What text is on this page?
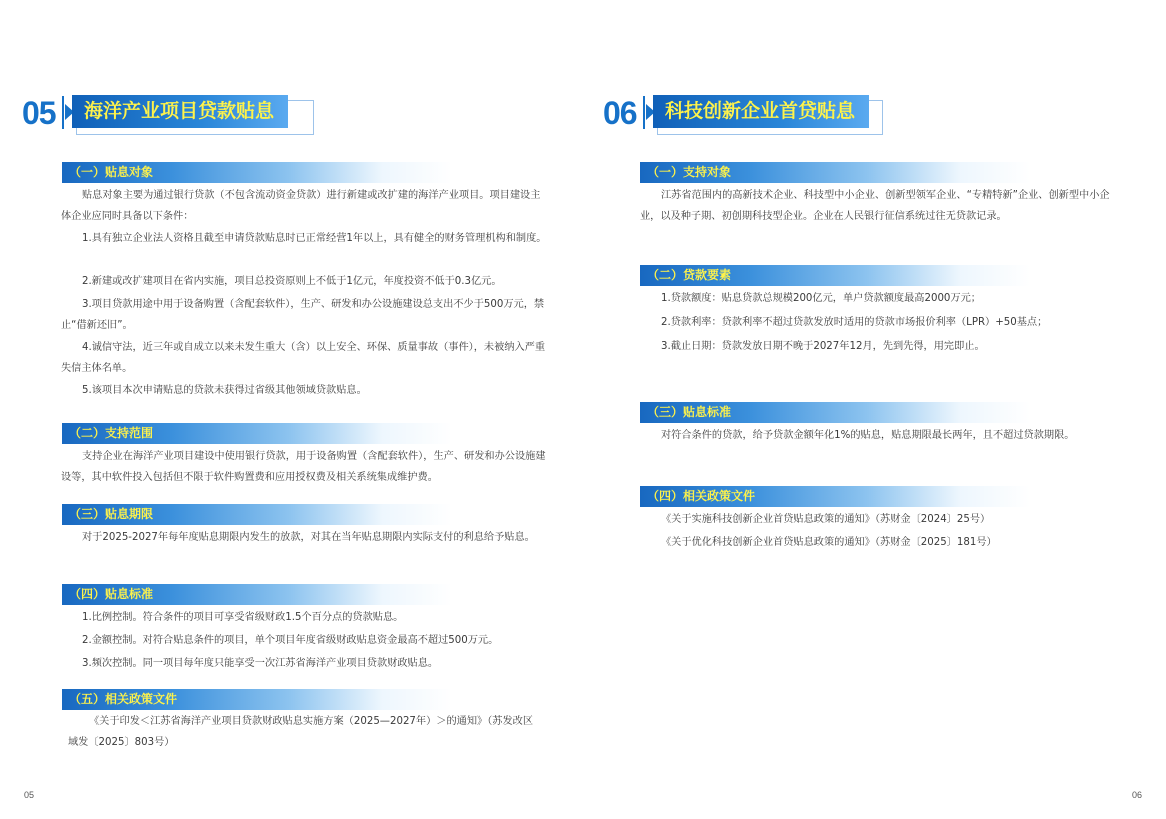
05	海洋产业项目贷款贴息
（一）贴息对象
贴息对象主要为通过银行贷款（不包含流动资金贷款）进行新建或改扩建的海洋产业项目。项目建设主体企业应同时具备以下条件：
1.具有独立企业法人资格且截至申请贷款贴息时已正常经营1年以上，具有健全的财务管理机构和制度。
2.新建或改扩建项目在省内实施，项目总投资原则上不低于1亿元，年度投资不低于0.3亿元。
3.项目贷款用途中用于设备购置（含配套软件），生产、研发和办公设施建设总支出不少于500万元，禁止“借新还旧”。
4.诚信守法，近三年或自成立以来未发生重大（含）以上安全、环保、质量事故（事件），未被纳入严重失信主体名单。
5.该项目本次申请贴息的贷款未获得过省级其他领域贷款贴息。
（二）支持范围
支持企业在海洋产业项目建设中使用银行贷款，用于设备购置（含配套软件），生产、研发和办公设施建设等，其中软件投入包括但不限于软件购置费和应用授权费及相关系统集成维护费。
（三）贴息期限
对于2025-2027年每年度贴息期限内发生的放款，对其在当年贴息期限内实际支付的利息给予贴息。
（四）贴息标准
1.比例控制。符合条件的项目可享受省级财政1.5个百分点的贷款贴息。
2.金额控制。对符合贴息条件的项目，单个项目年度省级财政贴息资金最高不超过500万元。
3.频次控制。同一项目每年度只能享受一次江苏省海洋产业项目贷款财政贴息。
（五）相关政策文件
《关于印发＜江苏省海洋产业项目贷款财政贴息实施方案（2025—2027年）＞的通知》（苏发改区域发〔2025〕803号）
05
06	科技创新企业首贷贴息
（一）支持对象
江苏省范围内的高新技术企业、科技型中小企业、创新型领军企业、“专精特新”企业、创新型中小企业，以及种子期、初创期科技型企业。企业在人民银行征信系统过往无贷款记录。
（二）贷款要素
1.贷款额度：贴息贷款总规模200亿元，单户贷款额度最高2000万元；
2.贷款利率：贷款利率不超过贷款发放时适用的贷款市场报价利率（LPR）+50基点；
3.截止日期：贷款发放日期不晚于2027年12月，先到先得，用完即止。
（三）贴息标准
对符合条件的贷款，给予贷款金额年化1%的贴息，贴息期限最长两年，且不超过贷款期限。
（四）相关政策文件
《关于实施科技创新企业首贷贴息政策的通知》（苏财金〔2024〕25号）
《关于优化科技创新企业首贷贴息政策的通知》（苏财金〔2025〕181号）
06
